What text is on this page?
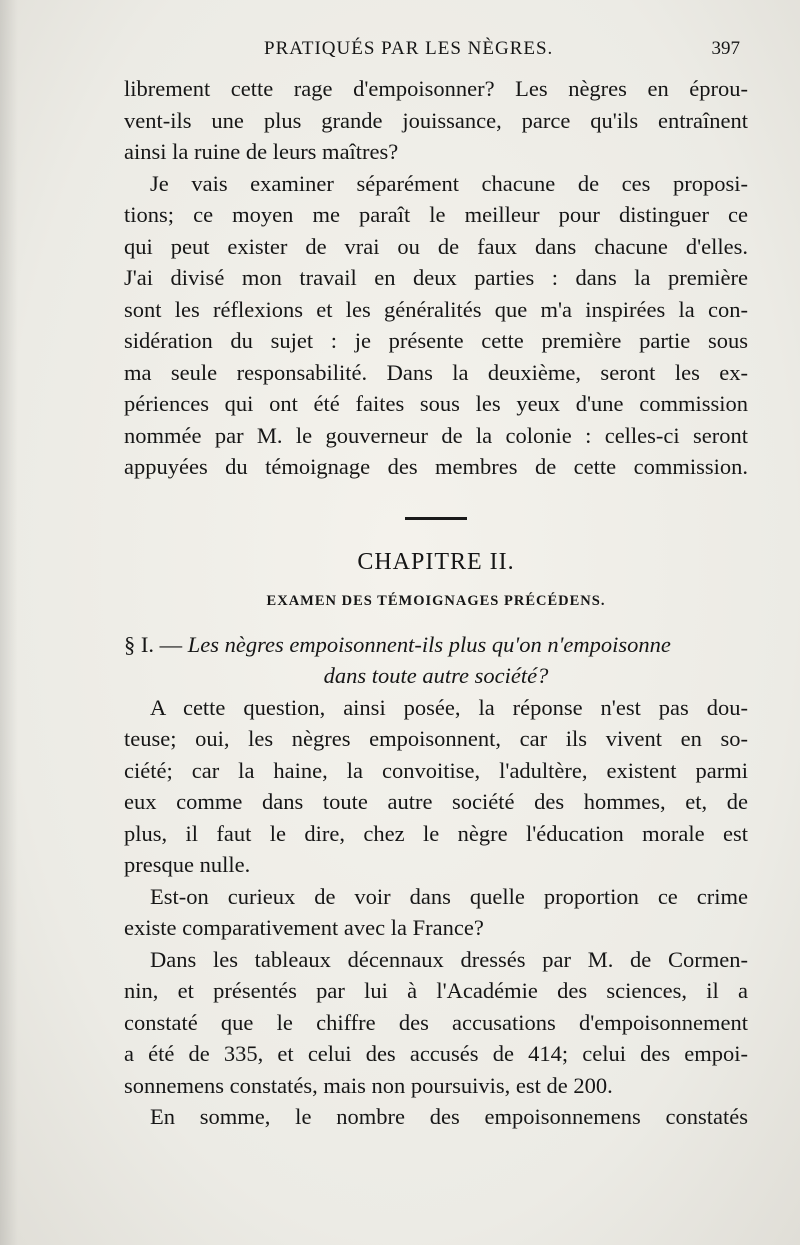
PRATIQUÉS PAR LES NÈGRES.	397
librement cette rage d'empoisonner? Les nègres en éprou-
vent-ils une plus grande jouissance, parce qu'ils entraînent
ainsi la ruine de leurs maîtres?
Je vais examiner séparément chacune de ces proposi-
tions; ce moyen me paraît le meilleur pour distinguer ce
qui peut exister de vrai ou de faux dans chacune d'elles.
J'ai divisé mon travail en deux parties : dans la première
sont les réflexions et les généralités que m'a inspirées la con-
sidération du sujet : je présente cette première partie sous
ma seule responsabilité. Dans la deuxième, seront les ex-
périences qui ont été faites sous les yeux d'une commission
nommée par M. le gouverneur de la colonie : celles-ci seront
appuyées du témoignage des membres de cette commission.
CHAPITRE II.
EXAMEN DES TÉMOIGNAGES PRÉCÉDENS.
§ I. — Les nègres empoisonnent-ils plus qu'on n'empoisonne
dans toute autre société?
A cette question, ainsi posée, la réponse n'est pas dou-
teuse; oui, les nègres empoisonnent, car ils vivent en so-
ciété; car la haine, la convoitise, l'adultère, existent parmi
eux comme dans toute autre société des hommes, et, de
plus, il faut le dire, chez le nègre l'éducation morale est
presque nulle.
Est-on curieux de voir dans quelle proportion ce crime
existe comparativement avec la France?
Dans les tableaux décennaux dressés par M. de Cormen-
nin, et présentés par lui à l'Académie des sciences, il a
constaté que le chiffre des accusations d'empoisonnement
a été de 335, et celui des accusés de 414; celui des empoi-
sonnemens constatés, mais non poursuivis, est de 200.
En somme, le nombre des empoisonnemens constatés
